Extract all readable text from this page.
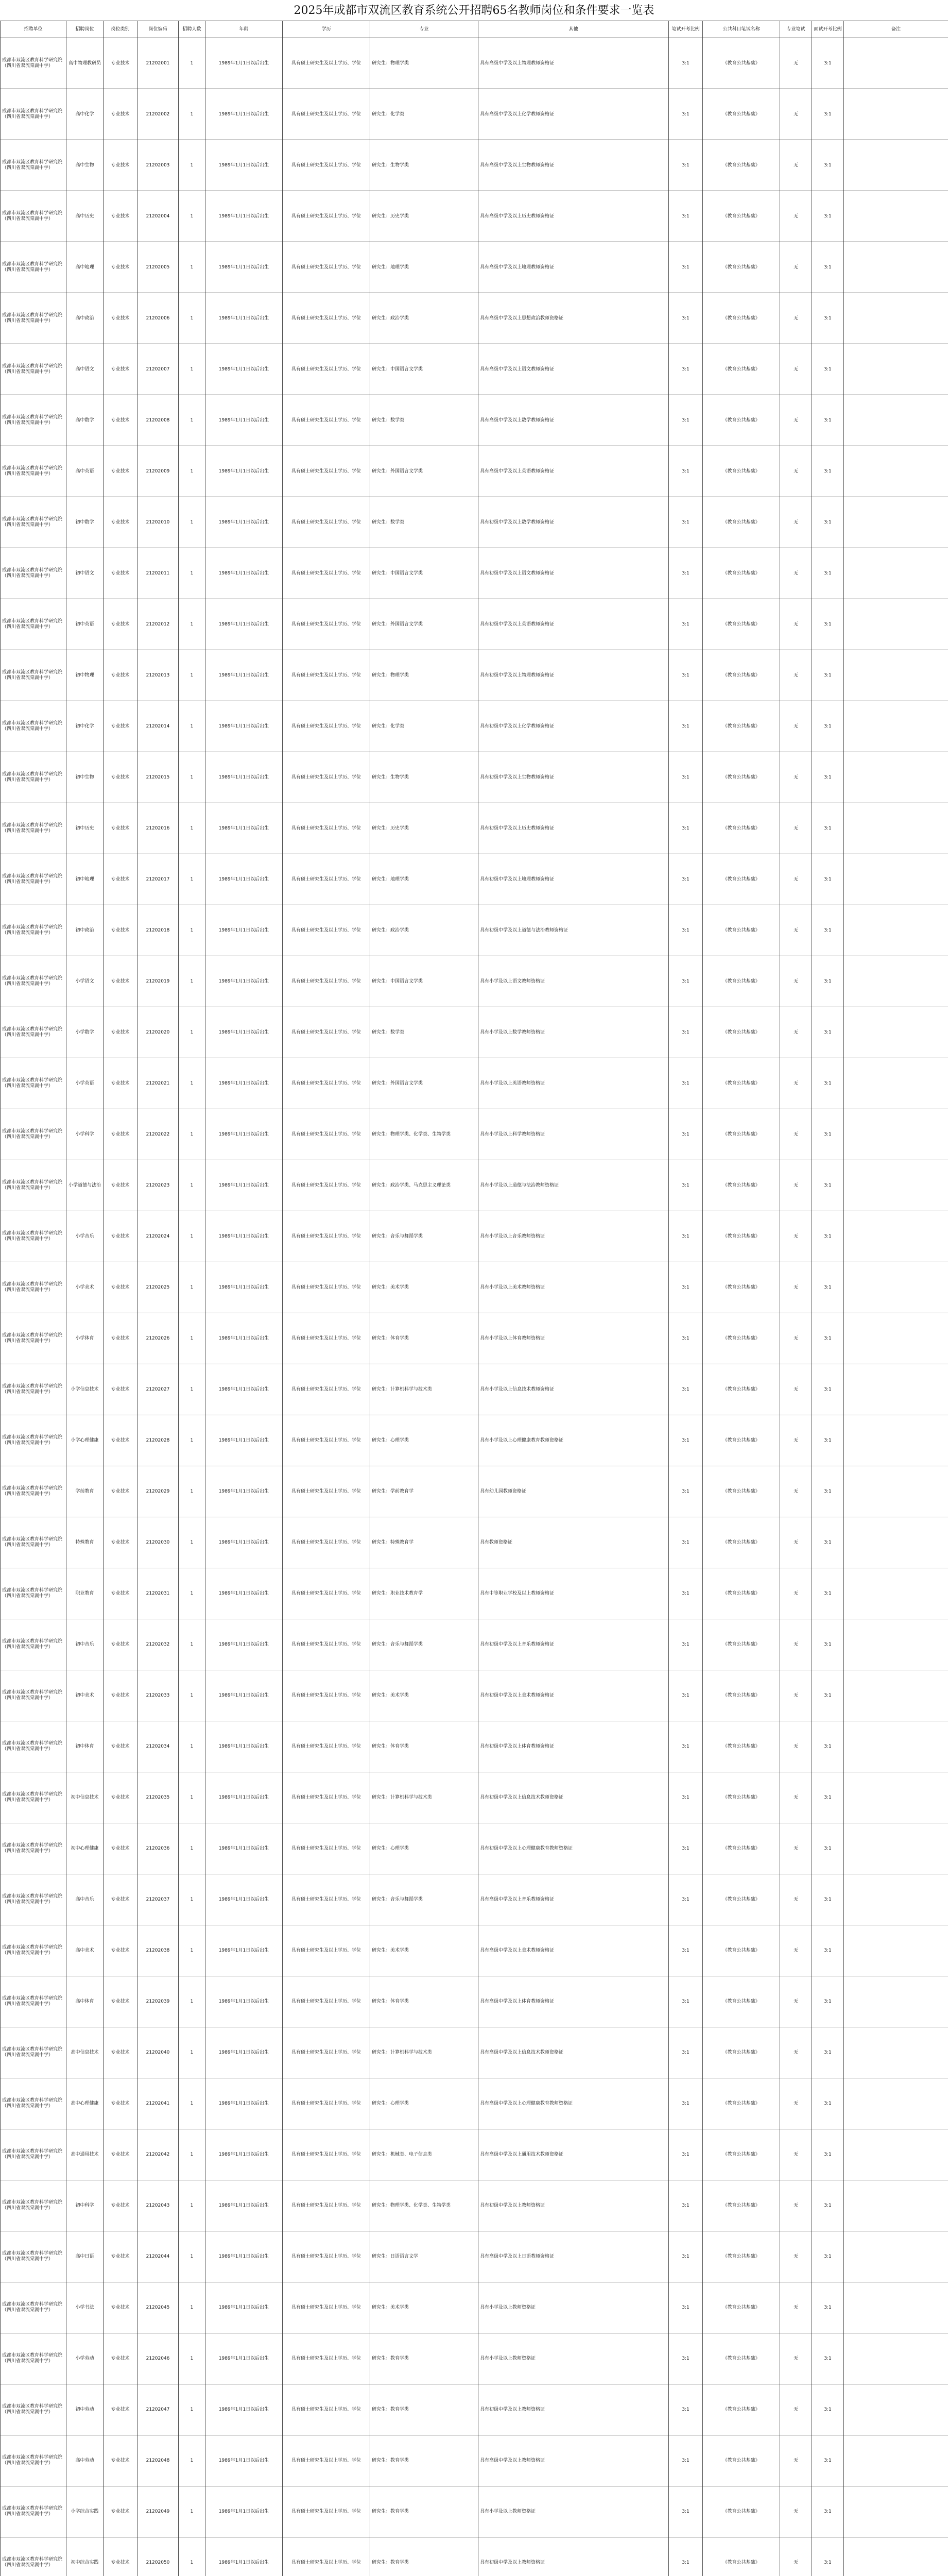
2025年成都市双流区教育系统公开招聘65名教师岗位和条件要求一览表
招聘单位	招聘岗位	岗位类别	岗位编码	招聘人数	年龄	学历	专业	其他	笔试开考比例	公共科目笔试名称	专业笔试	面试开考比例	备注
成都市双流区教育科学研究院（四川省双流棠湖中学）	高中物理教研员	专业技术	21202001	1	1989年1月1日以后出生	具有硕士研究生及以上学历、学位	研究生：物理学类	具有高级中学及以上物理教师资格证	3:1	《教育公共基础》	无	3:1	
成都市双流区教育科学研究院（四川省双流棠湖中学）	高中化学	专业技术	21202002	1	1989年1月1日以后出生	具有硕士研究生及以上学历、学位	研究生：化学类	具有高级中学及以上化学教师资格证	3:1	《教育公共基础》	无	3:1	
成都市双流区教育科学研究院（四川省双流棠湖中学）	高中生物	专业技术	21202003	1	1989年1月1日以后出生	具有硕士研究生及以上学历、学位	研究生：生物学类	具有高级中学及以上生物教师资格证	3:1	《教育公共基础》	无	3:1	
成都市双流区教育科学研究院（四川省双流棠湖中学）	高中历史	专业技术	21202004	1	1989年1月1日以后出生	具有硕士研究生及以上学历、学位	研究生：历史学类	具有高级中学及以上历史教师资格证	3:1	《教育公共基础》	无	3:1	
成都市双流区教育科学研究院（四川省双流棠湖中学）	高中地理	专业技术	21202005	1	1989年1月1日以后出生	具有硕士研究生及以上学历、学位	研究生：地理学类	具有高级中学及以上地理教师资格证	3:1	《教育公共基础》	无	3:1	
成都市双流区教育科学研究院（四川省双流棠湖中学）	高中政治	专业技术	21202006	1	1989年1月1日以后出生	具有硕士研究生及以上学历、学位	研究生：政治学类	具有高级中学及以上思想政治教师资格证	3:1	《教育公共基础》	无	3:1	
成都市双流区教育科学研究院（四川省双流棠湖中学）	高中语文	专业技术	21202007	1	1989年1月1日以后出生	具有硕士研究生及以上学历、学位	研究生：中国语言文学类	具有高级中学及以上语文教师资格证	3:1	《教育公共基础》	无	3:1	
成都市双流区教育科学研究院（四川省双流棠湖中学）	高中数学	专业技术	21202008	1	1989年1月1日以后出生	具有硕士研究生及以上学历、学位	研究生：数学类	具有高级中学及以上数学教师资格证	3:1	《教育公共基础》	无	3:1	
成都市双流区教育科学研究院（四川省双流棠湖中学）	高中英语	专业技术	21202009	1	1989年1月1日以后出生	具有硕士研究生及以上学历、学位	研究生：外国语言文学类	具有高级中学及以上英语教师资格证	3:1	《教育公共基础》	无	3:1	
成都市双流区教育科学研究院（四川省双流棠湖中学）	初中数学	专业技术	21202010	1	1989年1月1日以后出生	具有硕士研究生及以上学历、学位	研究生：数学类	具有初级中学及以上数学教师资格证	3:1	《教育公共基础》	无	3:1	
成都市双流区教育科学研究院（四川省双流棠湖中学）	初中语文	专业技术	21202011	1	1989年1月1日以后出生	具有硕士研究生及以上学历、学位	研究生：中国语言文学类	具有初级中学及以上语文教师资格证	3:1	《教育公共基础》	无	3:1	
成都市双流区教育科学研究院（四川省双流棠湖中学）	初中英语	专业技术	21202012	1	1989年1月1日以后出生	具有硕士研究生及以上学历、学位	研究生：外国语言文学类	具有初级中学及以上英语教师资格证	3:1	《教育公共基础》	无	3:1	
成都市双流区教育科学研究院（四川省双流棠湖中学）	初中物理	专业技术	21202013	1	1989年1月1日以后出生	具有硕士研究生及以上学历、学位	研究生：物理学类	具有初级中学及以上物理教师资格证	3:1	《教育公共基础》	无	3:1	
成都市双流区教育科学研究院（四川省双流棠湖中学）	初中化学	专业技术	21202014	1	1989年1月1日以后出生	具有硕士研究生及以上学历、学位	研究生：化学类	具有初级中学及以上化学教师资格证	3:1	《教育公共基础》	无	3:1	
成都市双流区教育科学研究院（四川省双流棠湖中学）	初中生物	专业技术	21202015	1	1989年1月1日以后出生	具有硕士研究生及以上学历、学位	研究生：生物学类	具有初级中学及以上生物教师资格证	3:1	《教育公共基础》	无	3:1	
成都市双流区教育科学研究院（四川省双流棠湖中学）	初中历史	专业技术	21202016	1	1989年1月1日以后出生	具有硕士研究生及以上学历、学位	研究生：历史学类	具有初级中学及以上历史教师资格证	3:1	《教育公共基础》	无	3:1	
成都市双流区教育科学研究院（四川省双流棠湖中学）	初中地理	专业技术	21202017	1	1989年1月1日以后出生	具有硕士研究生及以上学历、学位	研究生：地理学类	具有初级中学及以上地理教师资格证	3:1	《教育公共基础》	无	3:1	
成都市双流区教育科学研究院（四川省双流棠湖中学）	初中政治	专业技术	21202018	1	1989年1月1日以后出生	具有硕士研究生及以上学历、学位	研究生：政治学类	具有初级中学及以上道德与法治教师资格证	3:1	《教育公共基础》	无	3:1	
成都市双流区教育科学研究院（四川省双流棠湖中学）	小学语文	专业技术	21202019	1	1989年1月1日以后出生	具有硕士研究生及以上学历、学位	研究生：中国语言文学类	具有小学及以上语文教师资格证	3:1	《教育公共基础》	无	3:1	
成都市双流区教育科学研究院（四川省双流棠湖中学）	小学数学	专业技术	21202020	1	1989年1月1日以后出生	具有硕士研究生及以上学历、学位	研究生：数学类	具有小学及以上数学教师资格证	3:1	《教育公共基础》	无	3:1	
成都市双流区教育科学研究院（四川省双流棠湖中学）	小学英语	专业技术	21202021	1	1989年1月1日以后出生	具有硕士研究生及以上学历、学位	研究生：外国语言文学类	具有小学及以上英语教师资格证	3:1	《教育公共基础》	无	3:1	
成都市双流区教育科学研究院（四川省双流棠湖中学）	小学科学	专业技术	21202022	1	1989年1月1日以后出生	具有硕士研究生及以上学历、学位	研究生：物理学类、化学类、生物学类	具有小学及以上科学教师资格证	3:1	《教育公共基础》	无	3:1	
成都市双流区教育科学研究院（四川省双流棠湖中学）	小学道德与法治	专业技术	21202023	1	1989年1月1日以后出生	具有硕士研究生及以上学历、学位	研究生：政治学类、马克思主义理论类	具有小学及以上道德与法治教师资格证	3:1	《教育公共基础》	无	3:1	
成都市双流区教育科学研究院（四川省双流棠湖中学）	小学音乐	专业技术	21202024	1	1989年1月1日以后出生	具有硕士研究生及以上学历、学位	研究生：音乐与舞蹈学类	具有小学及以上音乐教师资格证	3:1	《教育公共基础》	无	3:1	
成都市双流区教育科学研究院（四川省双流棠湖中学）	小学美术	专业技术	21202025	1	1989年1月1日以后出生	具有硕士研究生及以上学历、学位	研究生：美术学类	具有小学及以上美术教师资格证	3:1	《教育公共基础》	无	3:1	
成都市双流区教育科学研究院（四川省双流棠湖中学）	小学体育	专业技术	21202026	1	1989年1月1日以后出生	具有硕士研究生及以上学历、学位	研究生：体育学类	具有小学及以上体育教师资格证	3:1	《教育公共基础》	无	3:1	
成都市双流区教育科学研究院（四川省双流棠湖中学）	小学信息技术	专业技术	21202027	1	1989年1月1日以后出生	具有硕士研究生及以上学历、学位	研究生：计算机科学与技术类	具有小学及以上信息技术教师资格证	3:1	《教育公共基础》	无	3:1	
成都市双流区教育科学研究院（四川省双流棠湖中学）	小学心理健康	专业技术	21202028	1	1989年1月1日以后出生	具有硕士研究生及以上学历、学位	研究生：心理学类	具有小学及以上心理健康教育教师资格证	3:1	《教育公共基础》	无	3:1	
成都市双流区教育科学研究院（四川省双流棠湖中学）	学前教育	专业技术	21202029	1	1989年1月1日以后出生	具有硕士研究生及以上学历、学位	研究生：学前教育学	具有幼儿园教师资格证	3:1	《教育公共基础》	无	3:1	
成都市双流区教育科学研究院（四川省双流棠湖中学）	特殊教育	专业技术	21202030	1	1989年1月1日以后出生	具有硕士研究生及以上学历、学位	研究生：特殊教育学	具有教师资格证	3:1	《教育公共基础》	无	3:1	
成都市双流区教育科学研究院（四川省双流棠湖中学）	职业教育	专业技术	21202031	1	1989年1月1日以后出生	具有硕士研究生及以上学历、学位	研究生：职业技术教育学	具有中等职业学校及以上教师资格证	3:1	《教育公共基础》	无	3:1	
成都市双流区教育科学研究院（四川省双流棠湖中学）	初中音乐	专业技术	21202032	1	1989年1月1日以后出生	具有硕士研究生及以上学历、学位	研究生：音乐与舞蹈学类	具有初级中学及以上音乐教师资格证	3:1	《教育公共基础》	无	3:1	
成都市双流区教育科学研究院（四川省双流棠湖中学）	初中美术	专业技术	21202033	1	1989年1月1日以后出生	具有硕士研究生及以上学历、学位	研究生：美术学类	具有初级中学及以上美术教师资格证	3:1	《教育公共基础》	无	3:1	
成都市双流区教育科学研究院（四川省双流棠湖中学）	初中体育	专业技术	21202034	1	1989年1月1日以后出生	具有硕士研究生及以上学历、学位	研究生：体育学类	具有初级中学及以上体育教师资格证	3:1	《教育公共基础》	无	3:1	
成都市双流区教育科学研究院（四川省双流棠湖中学）	初中信息技术	专业技术	21202035	1	1989年1月1日以后出生	具有硕士研究生及以上学历、学位	研究生：计算机科学与技术类	具有初级中学及以上信息技术教师资格证	3:1	《教育公共基础》	无	3:1	
成都市双流区教育科学研究院（四川省双流棠湖中学）	初中心理健康	专业技术	21202036	1	1989年1月1日以后出生	具有硕士研究生及以上学历、学位	研究生：心理学类	具有初级中学及以上心理健康教育教师资格证	3:1	《教育公共基础》	无	3:1	
成都市双流区教育科学研究院（四川省双流棠湖中学）	高中音乐	专业技术	21202037	1	1989年1月1日以后出生	具有硕士研究生及以上学历、学位	研究生：音乐与舞蹈学类	具有高级中学及以上音乐教师资格证	3:1	《教育公共基础》	无	3:1	
成都市双流区教育科学研究院（四川省双流棠湖中学）	高中美术	专业技术	21202038	1	1989年1月1日以后出生	具有硕士研究生及以上学历、学位	研究生：美术学类	具有高级中学及以上美术教师资格证	3:1	《教育公共基础》	无	3:1	
成都市双流区教育科学研究院（四川省双流棠湖中学）	高中体育	专业技术	21202039	1	1989年1月1日以后出生	具有硕士研究生及以上学历、学位	研究生：体育学类	具有高级中学及以上体育教师资格证	3:1	《教育公共基础》	无	3:1	
成都市双流区教育科学研究院（四川省双流棠湖中学）	高中信息技术	专业技术	21202040	1	1989年1月1日以后出生	具有硕士研究生及以上学历、学位	研究生：计算机科学与技术类	具有高级中学及以上信息技术教师资格证	3:1	《教育公共基础》	无	3:1	
成都市双流区教育科学研究院（四川省双流棠湖中学）	高中心理健康	专业技术	21202041	1	1989年1月1日以后出生	具有硕士研究生及以上学历、学位	研究生：心理学类	具有高级中学及以上心理健康教育教师资格证	3:1	《教育公共基础》	无	3:1	
成都市双流区教育科学研究院（四川省双流棠湖中学）	高中通用技术	专业技术	21202042	1	1989年1月1日以后出生	具有硕士研究生及以上学历、学位	研究生：机械类、电子信息类	具有高级中学及以上通用技术教师资格证	3:1	《教育公共基础》	无	3:1	
成都市双流区教育科学研究院（四川省双流棠湖中学）	初中科学	专业技术	21202043	1	1989年1月1日以后出生	具有硕士研究生及以上学历、学位	研究生：物理学类、化学类、生物学类	具有初级中学及以上教师资格证	3:1	《教育公共基础》	无	3:1	
成都市双流区教育科学研究院（四川省双流棠湖中学）	高中日语	专业技术	21202044	1	1989年1月1日以后出生	具有硕士研究生及以上学历、学位	研究生：日语语言文学	具有高级中学及以上日语教师资格证	3:1	《教育公共基础》	无	3:1	
成都市双流区教育科学研究院（四川省双流棠湖中学）	小学书法	专业技术	21202045	1	1989年1月1日以后出生	具有硕士研究生及以上学历、学位	研究生：美术学类	具有小学及以上教师资格证	3:1	《教育公共基础》	无	3:1	
成都市双流区教育科学研究院（四川省双流棠湖中学）	小学劳动	专业技术	21202046	1	1989年1月1日以后出生	具有硕士研究生及以上学历、学位	研究生：教育学类	具有小学及以上教师资格证	3:1	《教育公共基础》	无	3:1	
成都市双流区教育科学研究院（四川省双流棠湖中学）	初中劳动	专业技术	21202047	1	1989年1月1日以后出生	具有硕士研究生及以上学历、学位	研究生：教育学类	具有初级中学及以上教师资格证	3:1	《教育公共基础》	无	3:1	
成都市双流区教育科学研究院（四川省双流棠湖中学）	高中劳动	专业技术	21202048	1	1989年1月1日以后出生	具有硕士研究生及以上学历、学位	研究生：教育学类	具有高级中学及以上教师资格证	3:1	《教育公共基础》	无	3:1	
成都市双流区教育科学研究院（四川省双流棠湖中学）	小学综合实践	专业技术	21202049	1	1989年1月1日以后出生	具有硕士研究生及以上学历、学位	研究生：教育学类	具有小学及以上教师资格证	3:1	《教育公共基础》	无	3:1	
成都市双流区教育科学研究院（四川省双流棠湖中学）	初中综合实践	专业技术	21202050	1	1989年1月1日以后出生	具有硕士研究生及以上学历、学位	研究生：教育学类	具有初级中学及以上教师资格证	3:1	《教育公共基础》	无	3:1	
